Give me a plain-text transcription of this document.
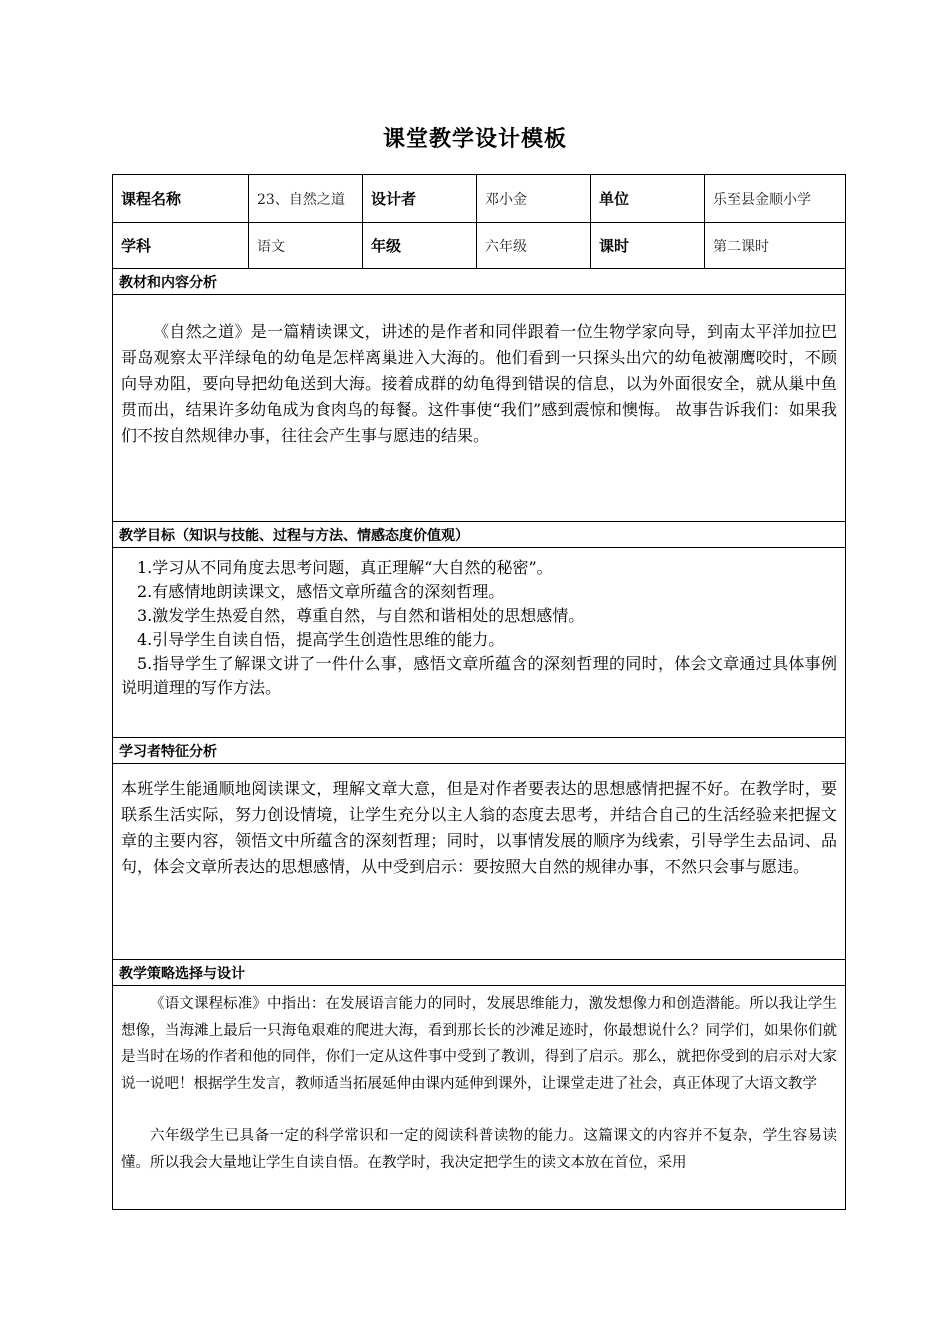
课堂教学设计模板
课程名称	23、自然之道	设计者	邓小金	单位	乐至县金顺小学
学科	语文	年级	六年级	课时	第二课时
教材和内容分析					

《自然之道》是一篇精读课文，讲述的是作者和同伴跟着一位生物学家向导，到南太平洋加拉巴哥岛观察太平洋绿龟的幼龟是怎样离巢进入大海的。他们看到一只探头出穴的幼龟被潮鹰咬时，不顾向导劝阻，要向导把幼龟送到大海。接着成群的幼龟得到错误的信息，以为外面很安全，就从巢中鱼贯而出，结果许多幼龟成为食肉鸟的每餐。这件事使“我们”感到震惊和懊悔。 故事告诉我们：如果我们不按自然规律办事，往往会产生事与愿违的结果。					

教学目标（知识与技能、过程与方法、情感态度价值观）					

1.学习从不同角度去思考问题，真正理解“大自然的秘密”。

2.有感情地朗读课文，感悟文章所蕴含的深刻哲理。

3.激发学生热爱自然，尊重自然，与自然和谐相处的思想感情。

4.引导学生自读自悟，提高学生创造性思维的能力。

5.指导学生了解课文讲了一件什么事，感悟文章所蕴含的深刻哲理的同时，体会文章通过具体事例说明道理的写作方法。					

学习者特征分析					

本班学生能通顺地阅读课文，理解文章大意，但是对作者要表达的思想感情把握不好。在教学时，要联系生活实际，努力创设情境，让学生充分以主人翁的态度去思考，并结合自己的生活经验来把握文章的主要内容，领悟文中所蕴含的深刻哲理；同时，以事情发展的顺序为线索，引导学生去品词、品句，体会文章所表达的思想感情，从中受到启示：要按照大自然的规律办事，不然只会事与愿违。					

教学策略选择与设计					

《语文课程标准》中指出：在发展语言能力的同时，发展思维能力，激发想像力和创造潜能。所以我让学生想像，当海滩上最后一只海龟艰难的爬进大海，看到那长长的沙滩足迹时，你最想说什么？同学们，如果你们就是当时在场的作者和他的同伴，你们一定从这件事中受到了教训，得到了启示。那么，就把你受到的启示对大家说一说吧！根据学生发言，教师适当拓展延伸由课内延伸到课外，让课堂走进了社会，真正体现了大语文教学

六年级学生已具备一定的科学常识和一定的阅读科普读物的能力。这篇课文的内容并不复杂，学生容易读懂。所以我会大量地让学生自读自悟。在教学时，我决定把学生的读文本放在首位，采用					
